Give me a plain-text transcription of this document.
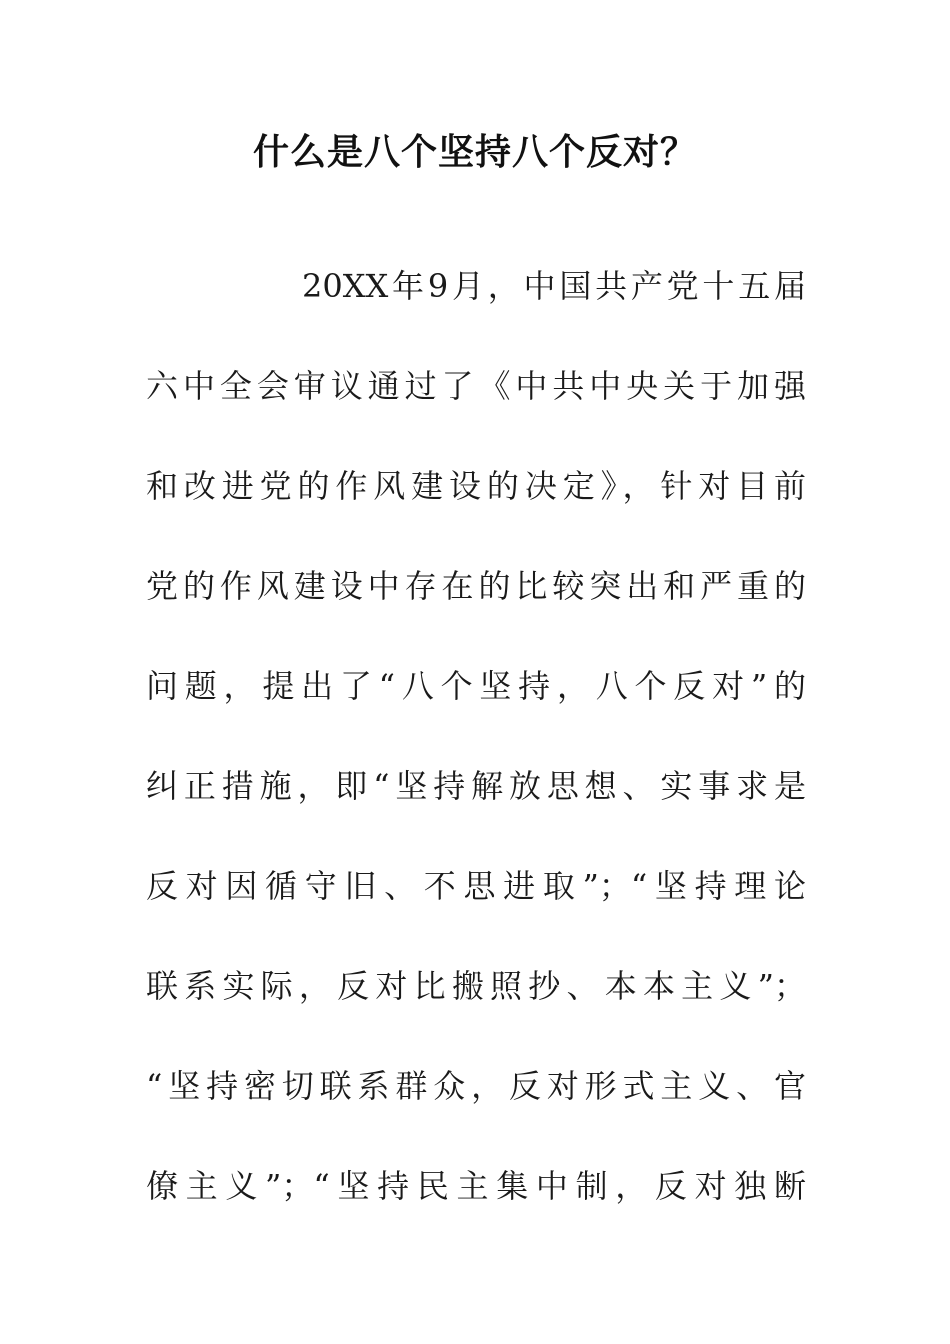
什么是八个坚持八个反对？
20XX年9月，中国共产党十五届
六中全会审议通过了《中共中央关于加强
和改进党的作风建设的决定》，针对目前
党的作风建设中存在的比较突出和严重的
问题，提出了“八个坚持，八个反对”的
纠正措施，即“坚持解放思想、实事求是
反对因循守旧、不思进取”；“坚持理论
联系实际，反对比搬照抄、本本主义”；
“坚持密切联系群众，反对形式主义、官
僚主义”；“坚持民主集中制，反对独断
